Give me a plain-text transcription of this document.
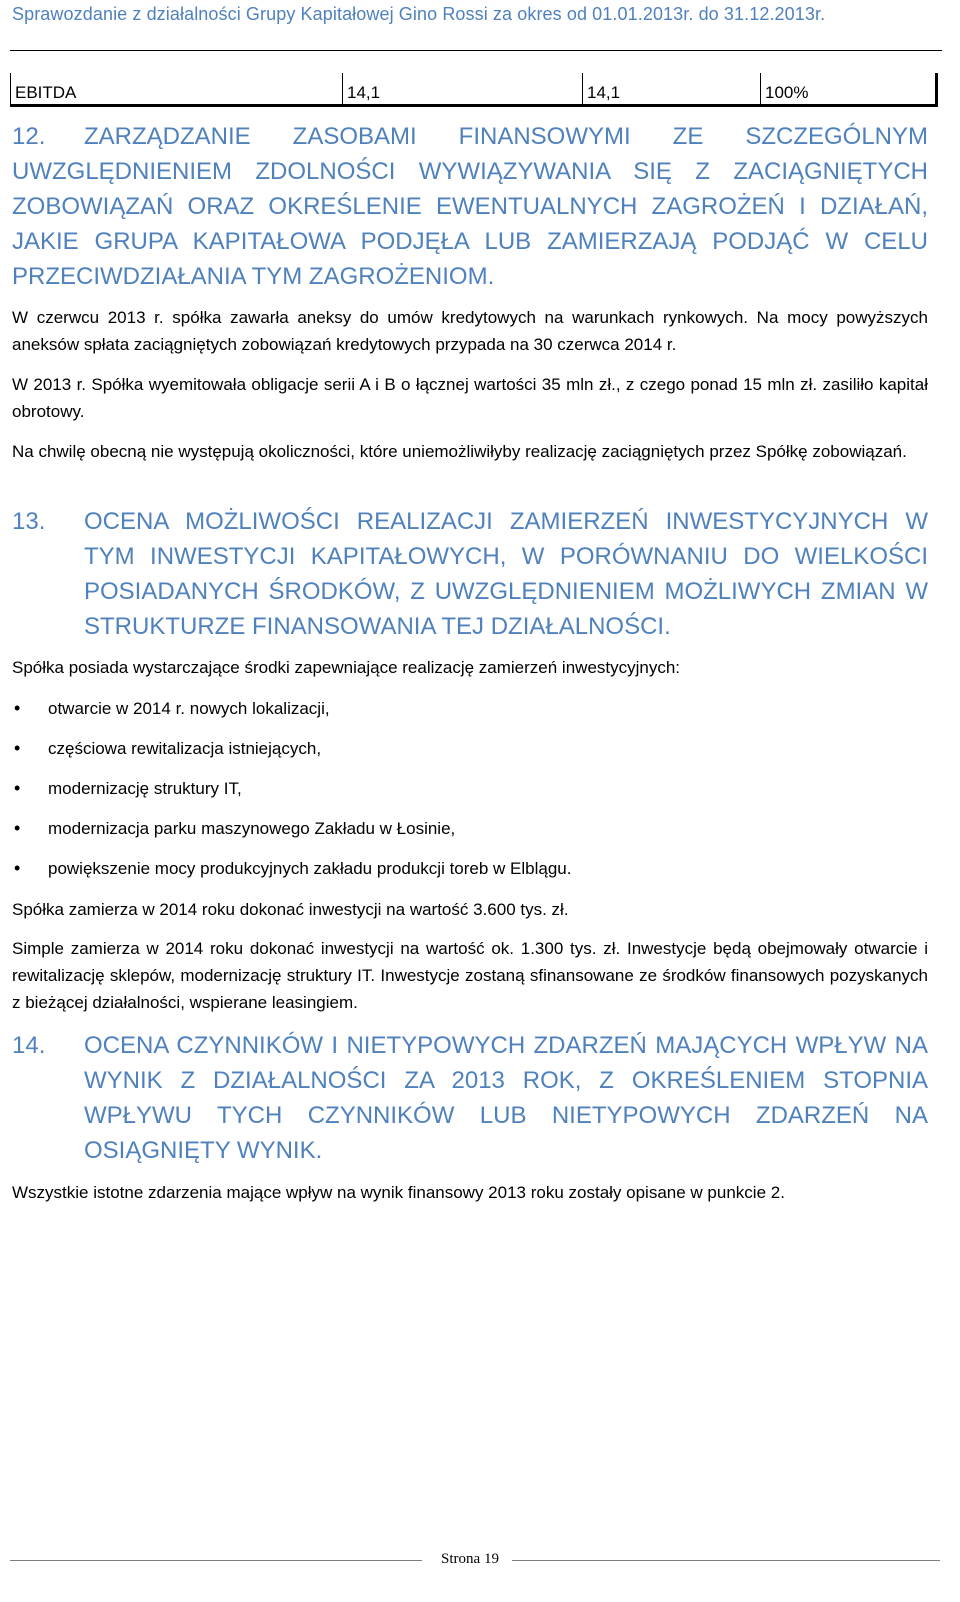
Sprawozdanie z działalności Grupy Kapitałowej Gino Rossi za okres od 01.01.2013r. do 31.12.2013r.
EBITDA	14,1	14,1	100%
12.	ZARZĄDZANIE ZASOBAMI FINANSOWYMI ZE SZCZEGÓLNYM UWZGLĘDNIENIEM ZDOLNOŚCI WYWIĄZYWANIA SIĘ Z ZACIĄGNIĘTYCH ZOBOWIĄZAŃ ORAZ OKREŚLENIE EWENTUALNYCH ZAGROŻEŃ I DZIAŁAŃ, JAKIE GRUPA KAPITAŁOWA PODJĘŁA LUB ZAMIERZAJĄ PODJĄĆ W CELU PRZECIWDZIAŁANIA TYM ZAGROŻENIOM.
W czerwcu 2013 r. spółka zawarła aneksy do umów kredytowych na warunkach rynkowych. Na mocy powyższych aneksów spłata zaciągniętych zobowiązań kredytowych przypada na 30 czerwca 2014 r.
W 2013 r. Spółka wyemitowała obligacje serii A i B o łącznej wartości 35 mln zł., z czego ponad 15 mln zł. zasiliło kapitał obrotowy.
Na chwilę obecną nie występują okoliczności, które uniemożliwiłyby realizację zaciągniętych przez Spółkę zobowiązań.
13.	OCENA MOŻLIWOŚCI REALIZACJI ZAMIERZEŃ INWESTYCYJNYCH W TYM INWESTYCJI KAPITAŁOWYCH, W PORÓWNANIU DO WIELKOŚCI POSIADANYCH ŚRODKÓW, Z UWZGLĘDNIENIEM MOŻLIWYCH ZMIAN W STRUKTURZE FINANSOWANIA TEJ DZIAŁALNOŚCI.
Spółka posiada wystarczające środki zapewniające realizację zamierzeń inwestycyjnych:
• otwarcie w 2014 r. nowych lokalizacji,
• częściowa rewitalizacja istniejących,
• modernizację struktury IT,
• modernizacja parku maszynowego Zakładu w Łosinie,
• powiększenie mocy produkcyjnych zakładu produkcji toreb w Elblągu.
Spółka zamierza w 2014 roku dokonać inwestycji na wartość 3.600 tys. zł.
Simple zamierza w 2014 roku dokonać inwestycji na wartość ok. 1.300 tys. zł. Inwestycje będą obejmowały otwarcie i rewitalizację sklepów, modernizację struktury IT. Inwestycje zostaną sfinansowane ze środków finansowych pozyskanych z bieżącej działalności, wspierane leasingiem.
14.	OCENA CZYNNIKÓW I NIETYPOWYCH ZDARZEŃ MAJĄCYCH WPŁYW NA WYNIK Z DZIAŁALNOŚCI ZA 2013 ROK, Z OKREŚLENIEM STOPNIA WPŁYWU TYCH CZYNNIKÓW LUB NIETYPOWYCH ZDARZEŃ NA OSIĄGNIĘTY WYNIK.
Wszystkie istotne zdarzenia mające wpływ na wynik finansowy 2013 roku zostały opisane w punkcie 2.
Strona 19
